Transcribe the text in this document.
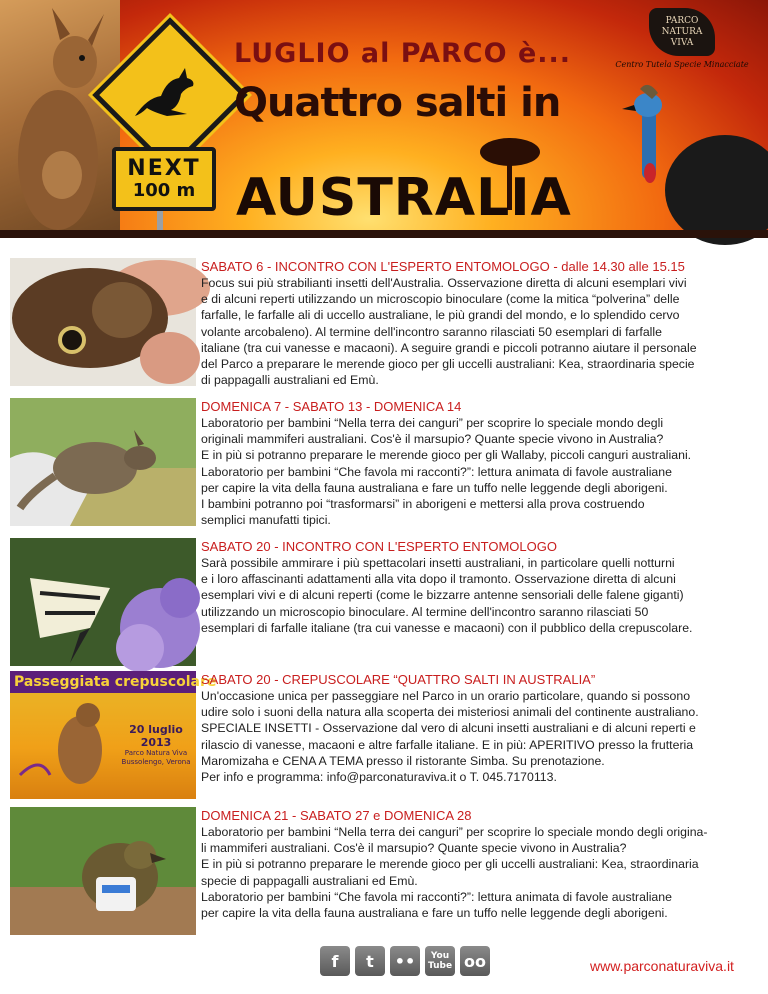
NEXT
100 m
LUGLIO al PARCO è...
Quattro salti in
AUSTRALIA
PARCO
NATURA
VIVA
Centro Tutela Specie Minacciate

SABATO 6 - INCONTRO CON L'ESPERTO ENTOMOLOGO - dalle 14.30 alle 15.15

Focus sui più strabilianti insetti dell'Australia. Osservazione diretta di alcuni esemplari vivi
e di alcuni reperti utilizzando un microscopio binoculare (come la mitica “polverina” delle
farfalle, le farfalle ali di uccello australiane, le più grandi del mondo, e lo splendido cervo
volante arcobaleno). Al termine dell'incontro saranno rilasciati 50 esemplari di farfalle
italiane (tra cui vanesse e macaoni). A seguire grandi e piccoli potranno aiutare il personale
del Parco a preparare le merende gioco per gli uccelli australiani: Kea, straordinaria specie
di pappagalli australiani ed Emù.

DOMENICA 7 - SABATO 13 - DOMENICA 14

Laboratorio per bambini “Nella terra dei canguri” per scoprire lo speciale mondo degli
originali mammiferi australiani. Cos'è il marsupio? Quante specie vivono in Australia?
E in più si potranno preparare le merende gioco per gli Wallaby, piccoli canguri australiani.
Laboratorio per bambini “Che favola mi racconti?”: lettura animata di favole australiane
per capire la vita della fauna australiana e fare un tuffo nelle leggende degli aborigeni.
I bambini potranno poi “trasformarsi” in aborigeni e mettersi alla prova costruendo
semplici manufatti tipici.

SABATO 20 - INCONTRO CON L'ESPERTO ENTOMOLOGO

Sarà possibile ammirare i più spettacolari insetti australiani, in particolare quelli notturni
e i loro affascinanti adattamenti alla vita dopo il tramonto. Osservazione diretta di alcuni
esemplari vivi e di alcuni reperti (come le bizzarre antenne sensoriali delle falene giganti)
utilizzando un microscopio binoculare. Al termine dell'incontro saranno rilasciati 50
esemplari di farfalle italiane (tra cui vanesse e macaoni) con il pubblico della crepuscolare.

Passeggiata crepuscolare
20 luglio 2013
Parco Natura Viva
Bussolengo, Verona

SABATO 20 - CREPUSCOLARE “QUATTRO SALTI IN AUSTRALIA”

Un'occasione unica per passeggiare nel Parco in un orario particolare, quando si possono
udire solo i suoni della natura alla scoperta dei misteriosi animali del continente australiano.
SPECIALE INSETTI - Osservazione dal vero di alcuni insetti australiani e di alcuni reperti e
rilascio di vanesse, macaoni e altre farfalle italiane. E in più: APERITIVO presso la frutteria
Maromizaha e CENA A TEMA presso il ristorante Simba. Su prenotazione.
Per info e programma: info@parconaturaviva.it o T. 045.7170113.

DOMENICA 21 - SABATO 27 e DOMENICA 28

Laboratorio per bambini “Nella terra dei canguri” per scoprire lo speciale mondo degli origina-
li mammiferi australiani. Cos'è il marsupio? Quante specie vivono in Australia?
E in più si potranno preparare le merende gioco per gli uccelli australiani: Kea, straordinaria
specie di pappagalli australiani ed Emù.
Laboratorio per bambini “Che favola mi racconti?”: lettura animata di favole australiane
per capire la vita della fauna australiana e fare un tuffo nelle leggende degli aborigeni.

f	t	••	You
Tube oo	www.parconaturaviva.it
